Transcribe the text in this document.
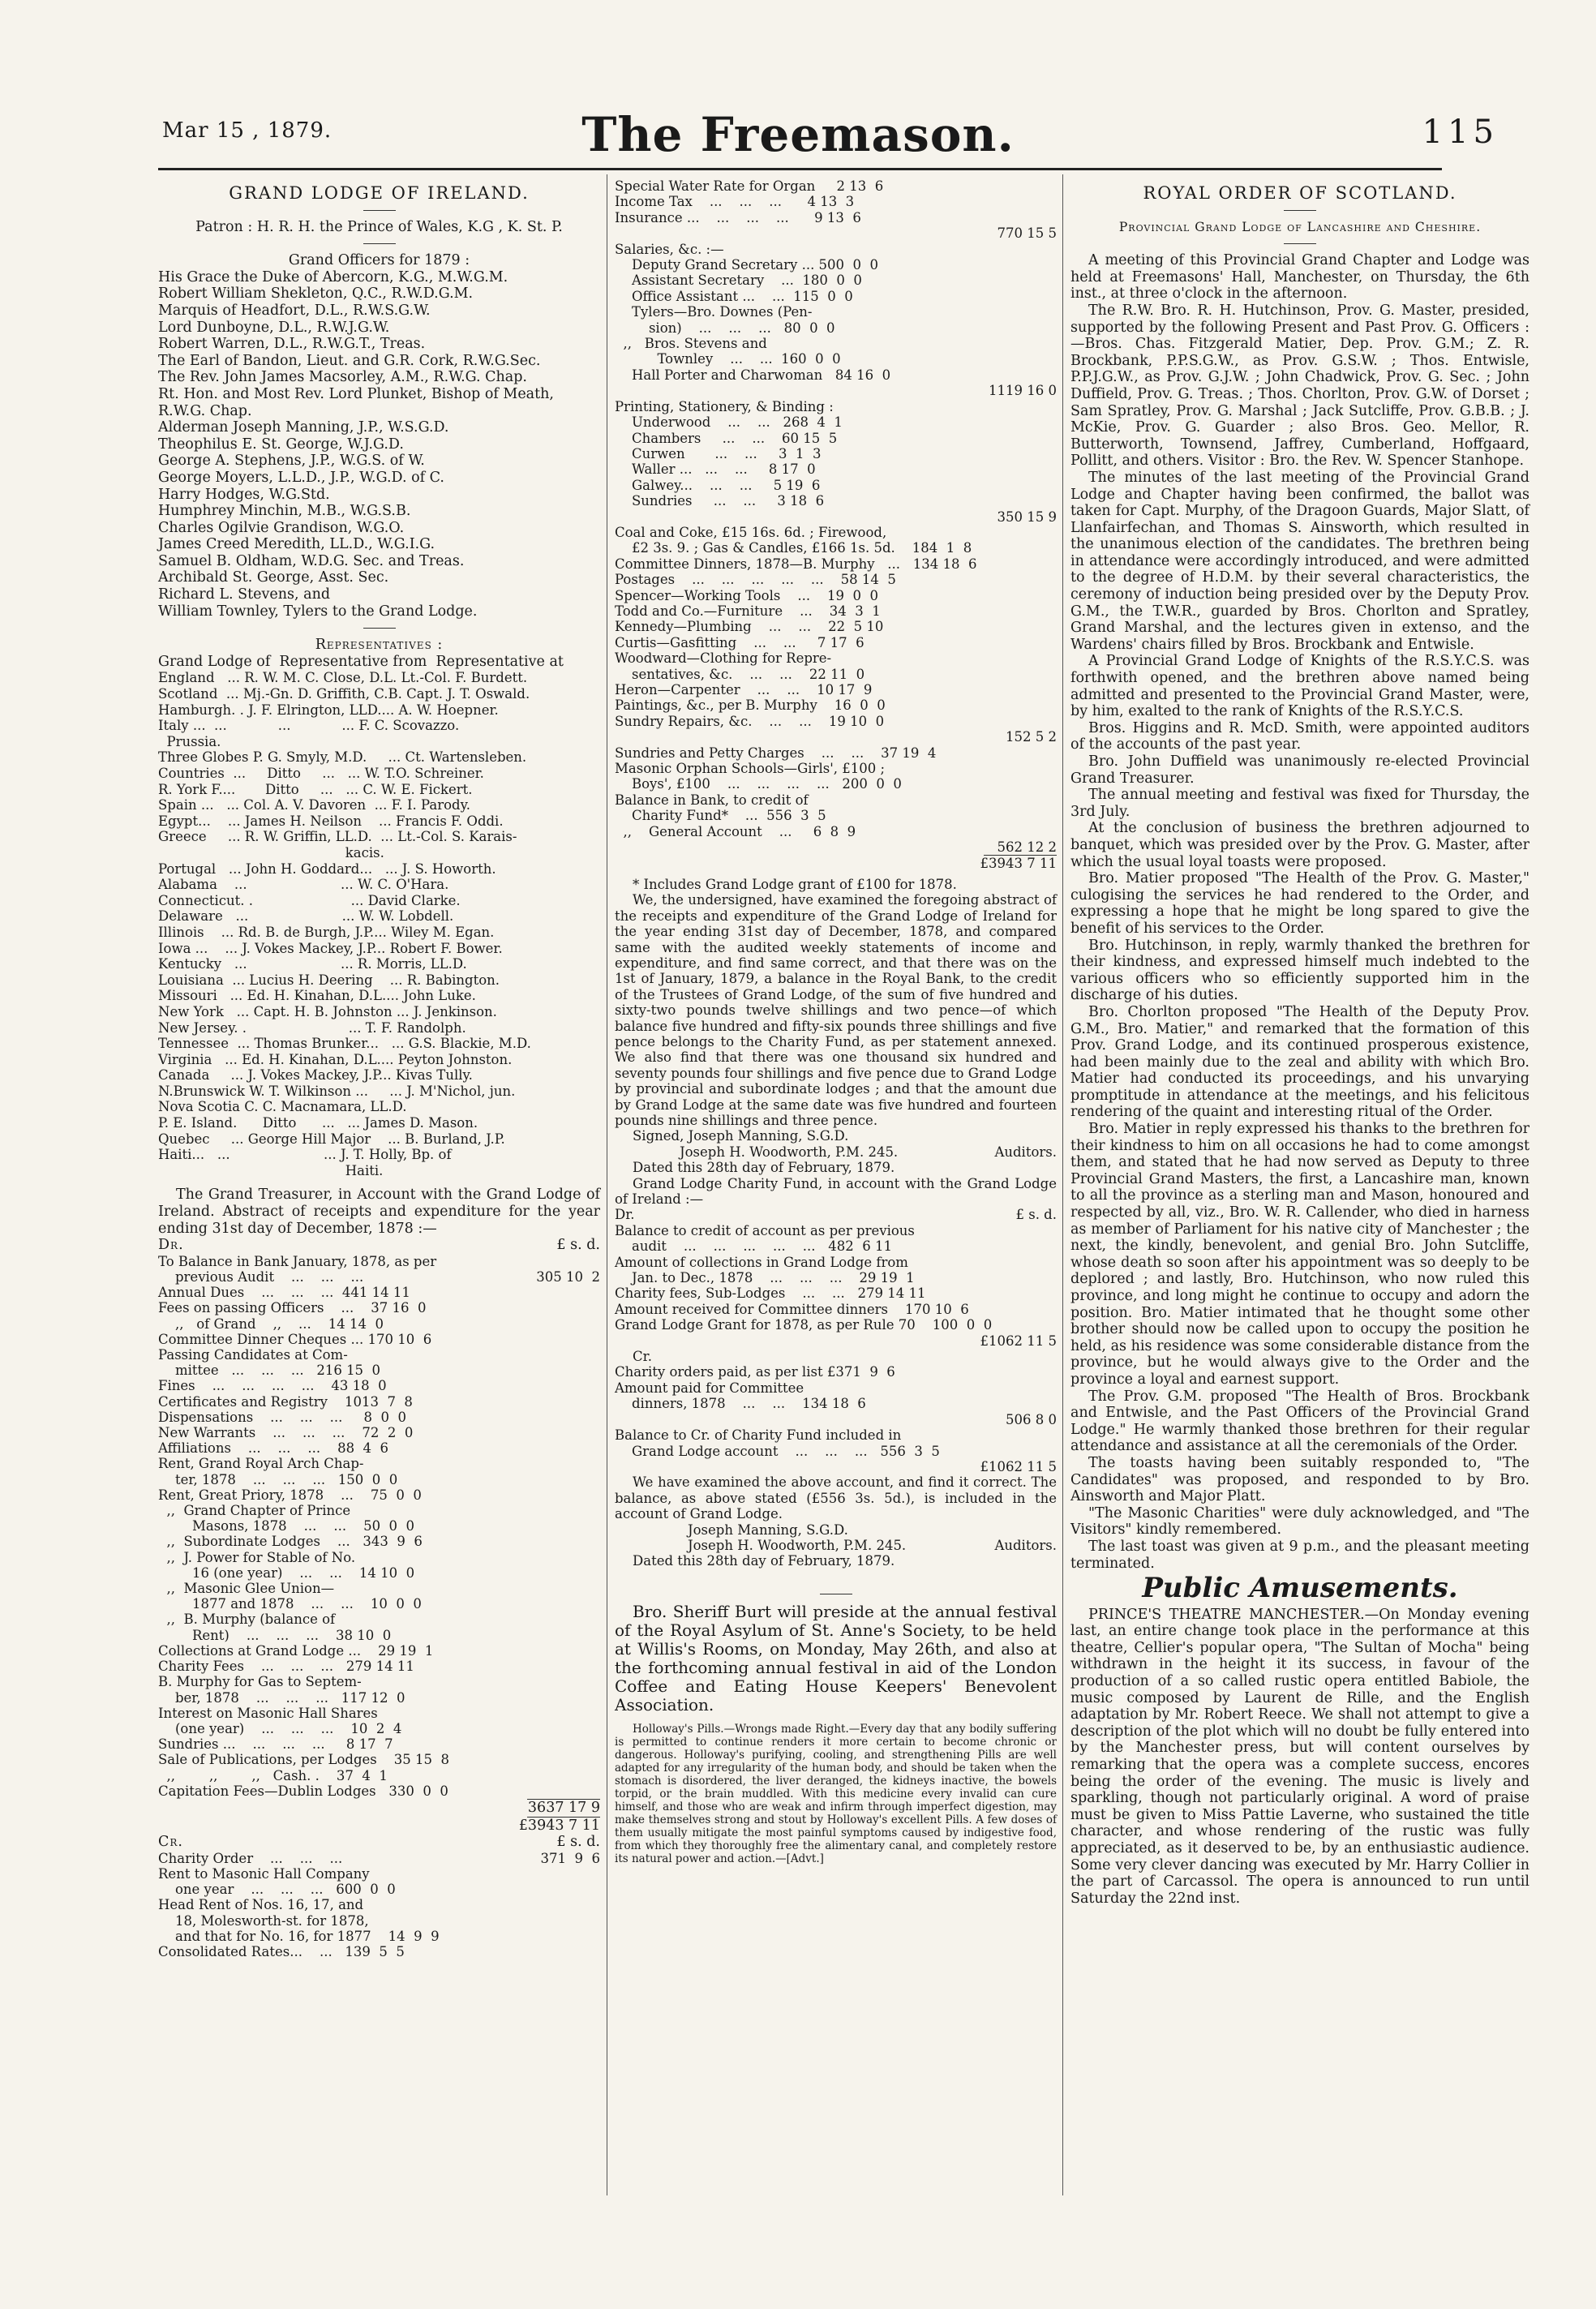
Mar 15 , 1879.	The Freemason.	115
GRAND LODGE OF IRELAND.
Patron : H. R. H. the Prince of Wales, K.G , K. St. P.
Grand Officers for 1879 :
His Grace the Duke of Abercorn, K.G., M.W.G.M.
Robert William Shekleton, Q.C., R.W.D.G.M.
Marquis of Headfort, D.L., R.W.S.G.W.
Lord Dunboyne, D.L., R.W.J.G.W.
Robert Warren, D.L., R.W.G.T., Treas.
The Earl of Bandon, Lieut. and G.R. Cork, R.W.G.Sec.
The Rev. John James Macsorley, A.M., R.W.G. Chap.
Rt. Hon. and Most Rev. Lord Plunket, Bishop of Meath, R.W.G. Chap.
Alderman Joseph Manning, J.P., W.S.G.D.
Theophilus E. St. George, W.J.G.D.
George A. Stephens, J.P., W.G.S. of W.
George Moyers, L.L.D., J.P., W.G.D. of C.
Harry Hodges, W.G.Std.
Humphrey Minchin, M.B., W.G.S.B.
Charles Ogilvie Grandison, W.G.O.
James Creed Meredith, LL.D., W.G.I.G.
Samuel B. Oldham, W.D.G. Sec. and Treas.
Archibald St. George, Asst. Sec.
Richard L. Stevens, and
William Townley, Tylers to the Grand Lodge.
Representatives :
Grand Lodge of  Representative from  Representative at
England   ... R. W. M. C. Close, D.L. Lt.-Col. F. Burdett.
Scotland  ... Mj.-Gn. D. Griffith, C.B. Capt. J. T. Oswald.
Hamburgh. . J. F. Elrington, LLD.... A. W. Hoepner.
Italy ...  ...            ...            ... F. C. Scovazzo.
Prussia.
Three Globes P. G. Smyly, M.D.     ... Ct. Wartensleben.
Countries  ...     Ditto     ...   ... W. T.O. Schreiner.
R. York F....       Ditto     ...   ... C. W. E. Fickert.
Spain ...   ... Col. A. V. Davoren  ... F. I. Parody.
Egypt...    ... James H. Neilson    ... Francis F. Oddi.
Greece     ... R. W. Griffin, LL.D.  ... Lt.-Col. S. Karais-
kacis.
Portugal   ... John H. Goddard...   ... J. S. Howorth.
Alabama    ...                      ... W. C. O'Hara.
Connecticut. .                       ... David Clarke.
Delaware   ...                      ... W. W. Lobdell.
Illinois    ... Rd. B. de Burgh, J.P.... Wiley M. Egan.
Iowa ...    ... J. Vokes Mackey, J.P... Robert F. Bower.
Kentucky   ...                      ... R. Morris, LL.D.
Louisiana  ... Lucius H. Deering    ... R. Babington.
Missouri   ... Ed. H. Kinahan, D.L.... John Luke.
New York   ... Capt. H. B. Johnston ... J. Jenkinson.
New Jersey. .                        ... T. F. Randolph.
Tennessee  ... Thomas Brunker...   ... G.S. Blackie, M.D.
Virginia   ... Ed. H. Kinahan, D.L.... Peyton Johnston.
Canada     ... J. Vokes Mackey, J.P... Kivas Tully.
N.Brunswick W. T. Wilkinson ...     ... J. M'Nichol, jun.
Nova Scotia C. C. Macnamara, LL.D.
P. E. Island.      Ditto      ...   ... James D. Mason.
Quebec     ... George Hill Major    ... B. Burland, J.P.
Haiti...   ...                      ... J. T. Holly, Bp. of
Haiti.

The Grand Treasurer, in Account with the Grand Lodge of Ireland. Abstract of receipts and expenditure for the year ending 31st day of December, 1878 :—

Dr.	£ s. d.
To Balance in Bank January, 1878, as per
previous Audit    ...    ...    ...	305 10  2
Annual Dues    ...    ...    ...  441 14 11
Fees on passing Officers    ...    37 16  0
,,   of Grand    ,,    ...    14 14  0
Committee Dinner Cheques ... 170 10  6
Passing Candidates at Com-
mittee   ...    ...    ...   216 15  0
Fines    ...    ...    ...    ...    43 18  0
Certificates and Registry    1013  7  8
Dispensations    ...    ...    ...     8  0  0
New Warrants    ...    ...    ...    72  2  0
Affiliations    ...    ...    ...    88  4  6
Rent, Grand Royal Arch Chap-
ter, 1878    ...    ...    ...   150  0  0
Rent, Great Priory, 1878    ...    75  0  0
,,  Grand Chapter of Prince
Masons, 1878    ...    ...    50  0  0
,,  Subordinate Lodges    ...   343  9  6
,,  J. Power for Stable of No.
16 (one year)    ...    ...    14 10  0
,,  Masonic Glee Union—
1877 and 1878    ...    ...    10  0  0
,,  B. Murphy (balance of
Rent)    ...    ...    ...    38 10  0
Collections at Grand Lodge ...    29 19  1
Charity Fees    ...    ...    ...   279 14 11
B. Murphy for Gas to Septem-
ber, 1878    ...    ...    ...   117 12  0
Interest on Masonic Hall Shares
(one year)    ...    ...    ...    10  2  4
Sundries ...    ...    ...    ...     8 17  7
Sale of Publications, per Lodges    35 15  8
,,        ,,        ,,   Cash. .    37  4  1
Capitation Fees—Dublin Lodges   330  0  0
3637 17 9
£3943 7 11
Cr.	£ s. d.
Charity Order    ...    ...    ...	371  9  6
Rent to Masonic Hall Company
one year    ...    ...    ...   600  0  0
Head Rent of Nos. 16, 17, and
18, Molesworth-st. for 1878,
and that for No. 16, for 1877    14  9  9
Consolidated Rates...    ...   139  5  5
Special Water Rate for Organ     2 13  6
Income Tax    ...    ...    ...      4 13  3
Insurance ...    ...    ...    ...      9 13  6
770 15 5
Salaries, &c. :—
Deputy Grand Secretary ... 500  0  0
Assistant Secretary    ...  180  0  0
Office Assistant ...    ...  115  0  0
Tylers—Bro. Downes (Pen-
sion)    ...    ...    ...   80  0  0
,,   Bros. Stevens and
Townley    ...    ...  160  0  0
Hall Porter and Charwoman   84 16  0
1119 16 0
Printing, Stationery, & Binding :
Underwood    ...    ...   268  4  1
Chambers     ...    ...    60 15  5
Curwen       ...    ...     3  1  3
Waller ...   ...    ...     8 17  0
Galwey...    ...    ...     5 19  6
Sundries     ...    ...     3 18  6
350 15 9
Coal and Coke, £15 16s. 6d. ; Firewood,
£2 3s. 9. ; Gas & Candles, £166 1s. 5d.    184  1  8
Committee Dinners, 1878—B. Murphy   ...   134 18  6
Postages    ...    ...    ...    ...    ...    58 14  5
Spencer—Working Tools    ...    19  0  0
Todd and Co.—Furniture    ...    34  3  1
Kennedy—Plumbing    ...    ...    22  5 10
Curtis—Gasfitting    ...    ...     7 17  6
Woodward—Clothing for Repre-
sentatives, &c.    ...    ...    22 11  0
Heron—Carpenter    ...    ...    10 17  9
Paintings, &c., per B. Murphy    16  0  0
Sundry Repairs, &c.    ...    ...    19 10  0
152 5 2
Sundries and Petty Charges    ...    ...    37 19  4
Masonic Orphan Schools—Girls', £100 ;
Boys', £100    ...    ...    ...    ...   200  0  0
Balance in Bank, to credit of
Charity Fund*    ...  556  3  5
,,    General Account    ...     6  8  9
562 12 2
£3943 7 11

* Includes Grand Lodge grant of £100 for 1878.

We, the undersigned, have examined the foregoing abstract of the receipts and expenditure of the Grand Lodge of Ireland for the year ending 31st day of December, 1878, and compared same with the audited weekly statements of income and expenditure, and find same correct, and that there was on the 1st of January, 1879, a balance in the Royal Bank, to the credit of the Trustees of Grand Lodge, of the sum of five hundred and sixty-two pounds twelve shillings and two pence—of which balance five hundred and fifty-six pounds three shillings and five pence belongs to the Charity Fund, as per statement annexed. We also find that there was one thousand six hundred and seventy pounds four shillings and five pence due to Grand Lodge by provincial and subordinate lodges ; and that the amount due by Grand Lodge at the same date was five hundred and fourteen pounds nine shillings and three pence.

Signed, Joseph Manning, S.G.D.
Joseph H. Woodworth, P.M. 245.	Auditors.
Dated this 28th day of February, 1879.

Grand Lodge Charity Fund, in account with the Grand Lodge of Ireland :—

Dr.	£ s. d.
Balance to credit of account as per previous
audit    ...    ...    ...    ...    ...   482  6 11
Amount of collections in Grand Lodge from
Jan. to Dec., 1878    ...    ...    ...    29 19  1
Charity fees, Sub-Lodges    ...    ...   279 14 11
Amount received for Committee dinners    170 10  6
Grand Lodge Grant for 1878, as per Rule 70    100  0  0
£1062 11 5
Cr.
Charity orders paid, as per list £371  9  6
Amount paid for Committee
dinners, 1878    ...    ...    134 18  6
506 8 0
Balance to Cr. of Charity Fund included in
Grand Lodge account    ...    ...    ...   556  3  5
£1062 11 5

We have examined the above account, and find it correct. The balance, as above stated (£556 3s. 5d.), is included in the account of Grand Lodge.

Joseph Manning, S.G.D.
Joseph H. Woodworth, P.M. 245.	Auditors.
Dated this 28th day of February, 1879.

Bro. Sheriff Burt will preside at the annual festival of the Royal Asylum of St. Anne's Society, to be held at Willis's Rooms, on Monday, May 26th, and also at the forthcoming annual festival in aid of the London Coffee and Eating House Keepers' Benevolent Association.

Holloway's Pills.—Wrongs made Right.—Every day that any bodily suffering is permitted to continue renders it more certain to become chronic or dangerous. Holloway's purifying, cooling, and strengthening Pills are well adapted for any irregularity of the human body, and should be taken when the stomach is disordered, the liver deranged, the kidneys inactive, the bowels torpid, or the brain muddled. With this medicine every invalid can cure himself, and those who are weak and infirm through imperfect digestion, may make themselves strong and stout by Holloway's excellent Pills. A few doses of them usually mitigate the most painful symptoms caused by indigestive food, from which they thoroughly free the alimentary canal, and completely restore its natural power and action.—[Advt.]

ROYAL ORDER OF SCOTLAND.
Provincial Grand Lodge of Lancashire and Cheshire.

A meeting of this Provincial Grand Chapter and Lodge was held at Freemasons' Hall, Manchester, on Thursday, the 6th inst., at three o'clock in the afternoon.

The R.W. Bro. R. H. Hutchinson, Prov. G. Master, presided, supported by the following Present and Past Prov. G. Officers :—Bros. Chas. Fitzgerald Matier, Dep. Prov. G.M.; Z. R. Brockbank, P.P.S.G.W., as Prov. G.S.W. ; Thos. Entwisle, P.P.J.G.W., as Prov. G.J.W. ; John Chadwick, Prov. G. Sec. ; John Duffield, Prov. G. Treas. ; Thos. Chorlton, Prov. G.W. of Dorset ; Sam Spratley, Prov. G. Marshal ; Jack Sutcliffe, Prov. G.B.B. ; J. McKie, Prov. G. Guarder ; also Bros. Geo. Mellor, R. Butterworth, Townsend, Jaffrey, Cumberland, Hoffgaard, Pollitt, and others. Visitor : Bro. the Rev. W. Spencer Stanhope.

The minutes of the last meeting of the Provincial Grand Lodge and Chapter having been confirmed, the ballot was taken for Capt. Murphy, of the Dragoon Guards, Major Slatt, of Llanfairfechan, and Thomas S. Ainsworth, which resulted in the unanimous election of the candidates. The brethren being in attendance were accordingly introduced, and were admitted to the degree of H.D.M. by their several characteristics, the ceremony of induction being presided over by the Deputy Prov. G.M., the T.W.R., guarded by Bros. Chorlton and Spratley, Grand Marshal, and the lectures given in extenso, and the Wardens' chairs filled by Bros. Brockbank and Entwisle.

A Provincial Grand Lodge of Knights of the R.S.Y.C.S. was forthwith opened, and the brethren above named being admitted and presented to the Provincial Grand Master, were, by him, exalted to the rank of Knights of the R.S.Y.C.S.

Bros. Higgins and R. McD. Smith, were appointed auditors of the accounts of the past year.

Bro. John Duffield was unanimously re-elected Provincial Grand Treasurer.

The annual meeting and festival was fixed for Thursday, the 3rd July.

At the conclusion of business the brethren adjourned to banquet, which was presided over by the Prov. G. Master, after which the usual loyal toasts were proposed.

Bro. Matier proposed "The Health of the Prov. G. Master," culogising the services he had rendered to the Order, and expressing a hope that he might be long spared to give the benefit of his services to the Order.

Bro. Hutchinson, in reply, warmly thanked the brethren for their kindness, and expressed himself much indebted to the various officers who so efficiently supported him in the discharge of his duties.

Bro. Chorlton proposed "The Health of the Deputy Prov. G.M., Bro. Matier," and remarked that the formation of this Prov. Grand Lodge, and its continued prosperous existence, had been mainly due to the zeal and ability with which Bro. Matier had conducted its proceedings, and his unvarying promptitude in attendance at the meetings, and his felicitous rendering of the quaint and interesting ritual of the Order.

Bro. Matier in reply expressed his thanks to the brethren for their kindness to him on all occasions he had to come amongst them, and stated that he had now served as Deputy to three Provincial Grand Masters, the first, a Lancashire man, known to all the province as a sterling man and Mason, honoured and respected by all, viz., Bro. W. R. Callender, who died in harness as member of Parliament for his native city of Manchester ; the next, the kindly, benevolent, and genial Bro. John Sutcliffe, whose death so soon after his appointment was so deeply to be deplored ; and lastly, Bro. Hutchinson, who now ruled this province, and long might he continue to occupy and adorn the position. Bro. Matier intimated that he thought some other brother should now be called upon to occupy the position he held, as his residence was some considerable distance from the province, but he would always give to the Order and the province a loyal and earnest support.

The Prov. G.M. proposed "The Health of Bros. Brockbank and Entwisle, and the Past Officers of the Provincial Grand Lodge." He warmly thanked those brethren for their regular attendance and assistance at all the ceremonials of the Order.

The toasts having been suitably responded to, "The Candidates" was proposed, and responded to by Bro. Ainsworth and Major Platt.

"The Masonic Charities" were duly acknowledged, and "The Visitors" kindly remembered.

The last toast was given at 9 p.m., and the pleasant meeting terminated.

Public Amusements.

PRINCE'S THEATRE MANCHESTER.—On Monday evening last, an entire change took place in the performance at this theatre, Cellier's popular opera, "The Sultan of Mocha" being withdrawn in the height it its success, in favour of the production of a so called rustic opera entitled Babiole, the music composed by Laurent de Rille, and the English adaptation by Mr. Robert Reece. We shall not attempt to give a description of the plot which will no doubt be fully entered into by the Manchester press, but will content ourselves by remarking that the opera was a complete success, encores being the order of the evening. The music is lively and sparkling, though not particularly original. A word of praise must be given to Miss Pattie Laverne, who sustained the title character, and whose rendering of the rustic was fully appreciated, as it deserved to be, by an enthusiastic audience. Some very clever dancing was executed by Mr. Harry Collier in the part of Carcassol. The opera is announced to run until Saturday the 22nd inst.
